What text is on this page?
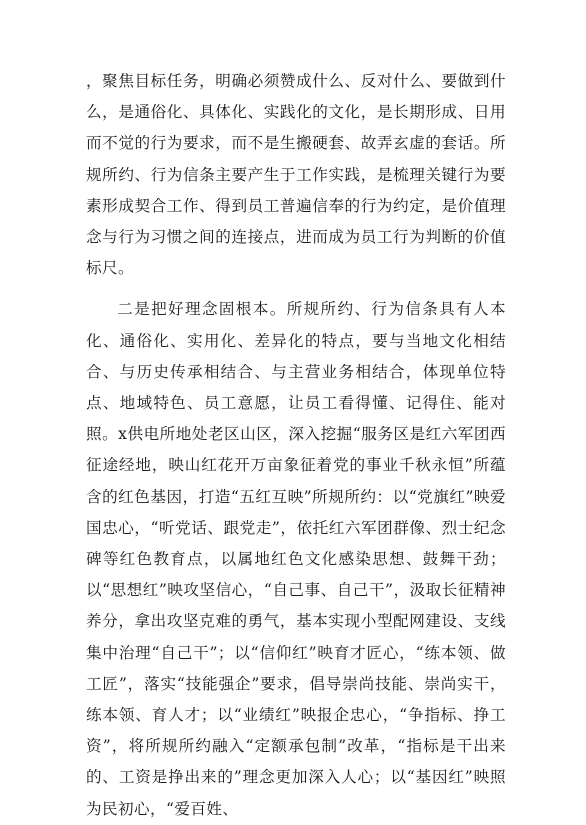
，聚焦目标任务，明确必须赞成什么、反对什么、要做到什么，是通俗化、具体化、实践化的文化，是长期形成、日用而不觉的行为要求，而不是生搬硬套、故弄玄虚的套话。所规所约、行为信条主要产生于工作实践，是梳理关键行为要素形成契合工作、得到员工普遍信奉的行为约定，是价值理念与行为习惯之间的连接点，进而成为员工行为判断的价值标尺。

二是把好理念固根本。所规所约、行为信条具有人本化、通俗化、实用化、差异化的特点，要与当地文化相结合、与历史传承相结合、与主营业务相结合，体现单位特点、地域特色、员工意愿，让员工看得懂、记得住、能对照。x供电所地处老区山区，深入挖掘“服务区是红六军团西征途经地，映山红花开万亩象征着党的事业千秋永恒”所蕴含的红色基因，打造“五红互映”所规所约：以“党旗红”映爱国忠心，“听党话、跟党走”，依托红六军团群像、烈士纪念碑等红色教育点，以属地红色文化感染思想、鼓舞干劲；以“思想红”映攻坚信心，“自己事、自己干”，汲取长征精神养分，拿出攻坚克难的勇气，基本实现小型配网建设、支线集中治理“自己干”；以“信仰红”映育才匠心，“练本领、做工匠”，落实“技能强企”要求，倡导崇尚技能、崇尚实干，练本领、育人才；以“业绩红”映报企忠心，“争指标、挣工资”，将所规所约融入“定额承包制”改革，“指标是干出来的、工资是挣出来的”理念更加深入人心；以“基因红”映照为民初心，“爱百姓、
